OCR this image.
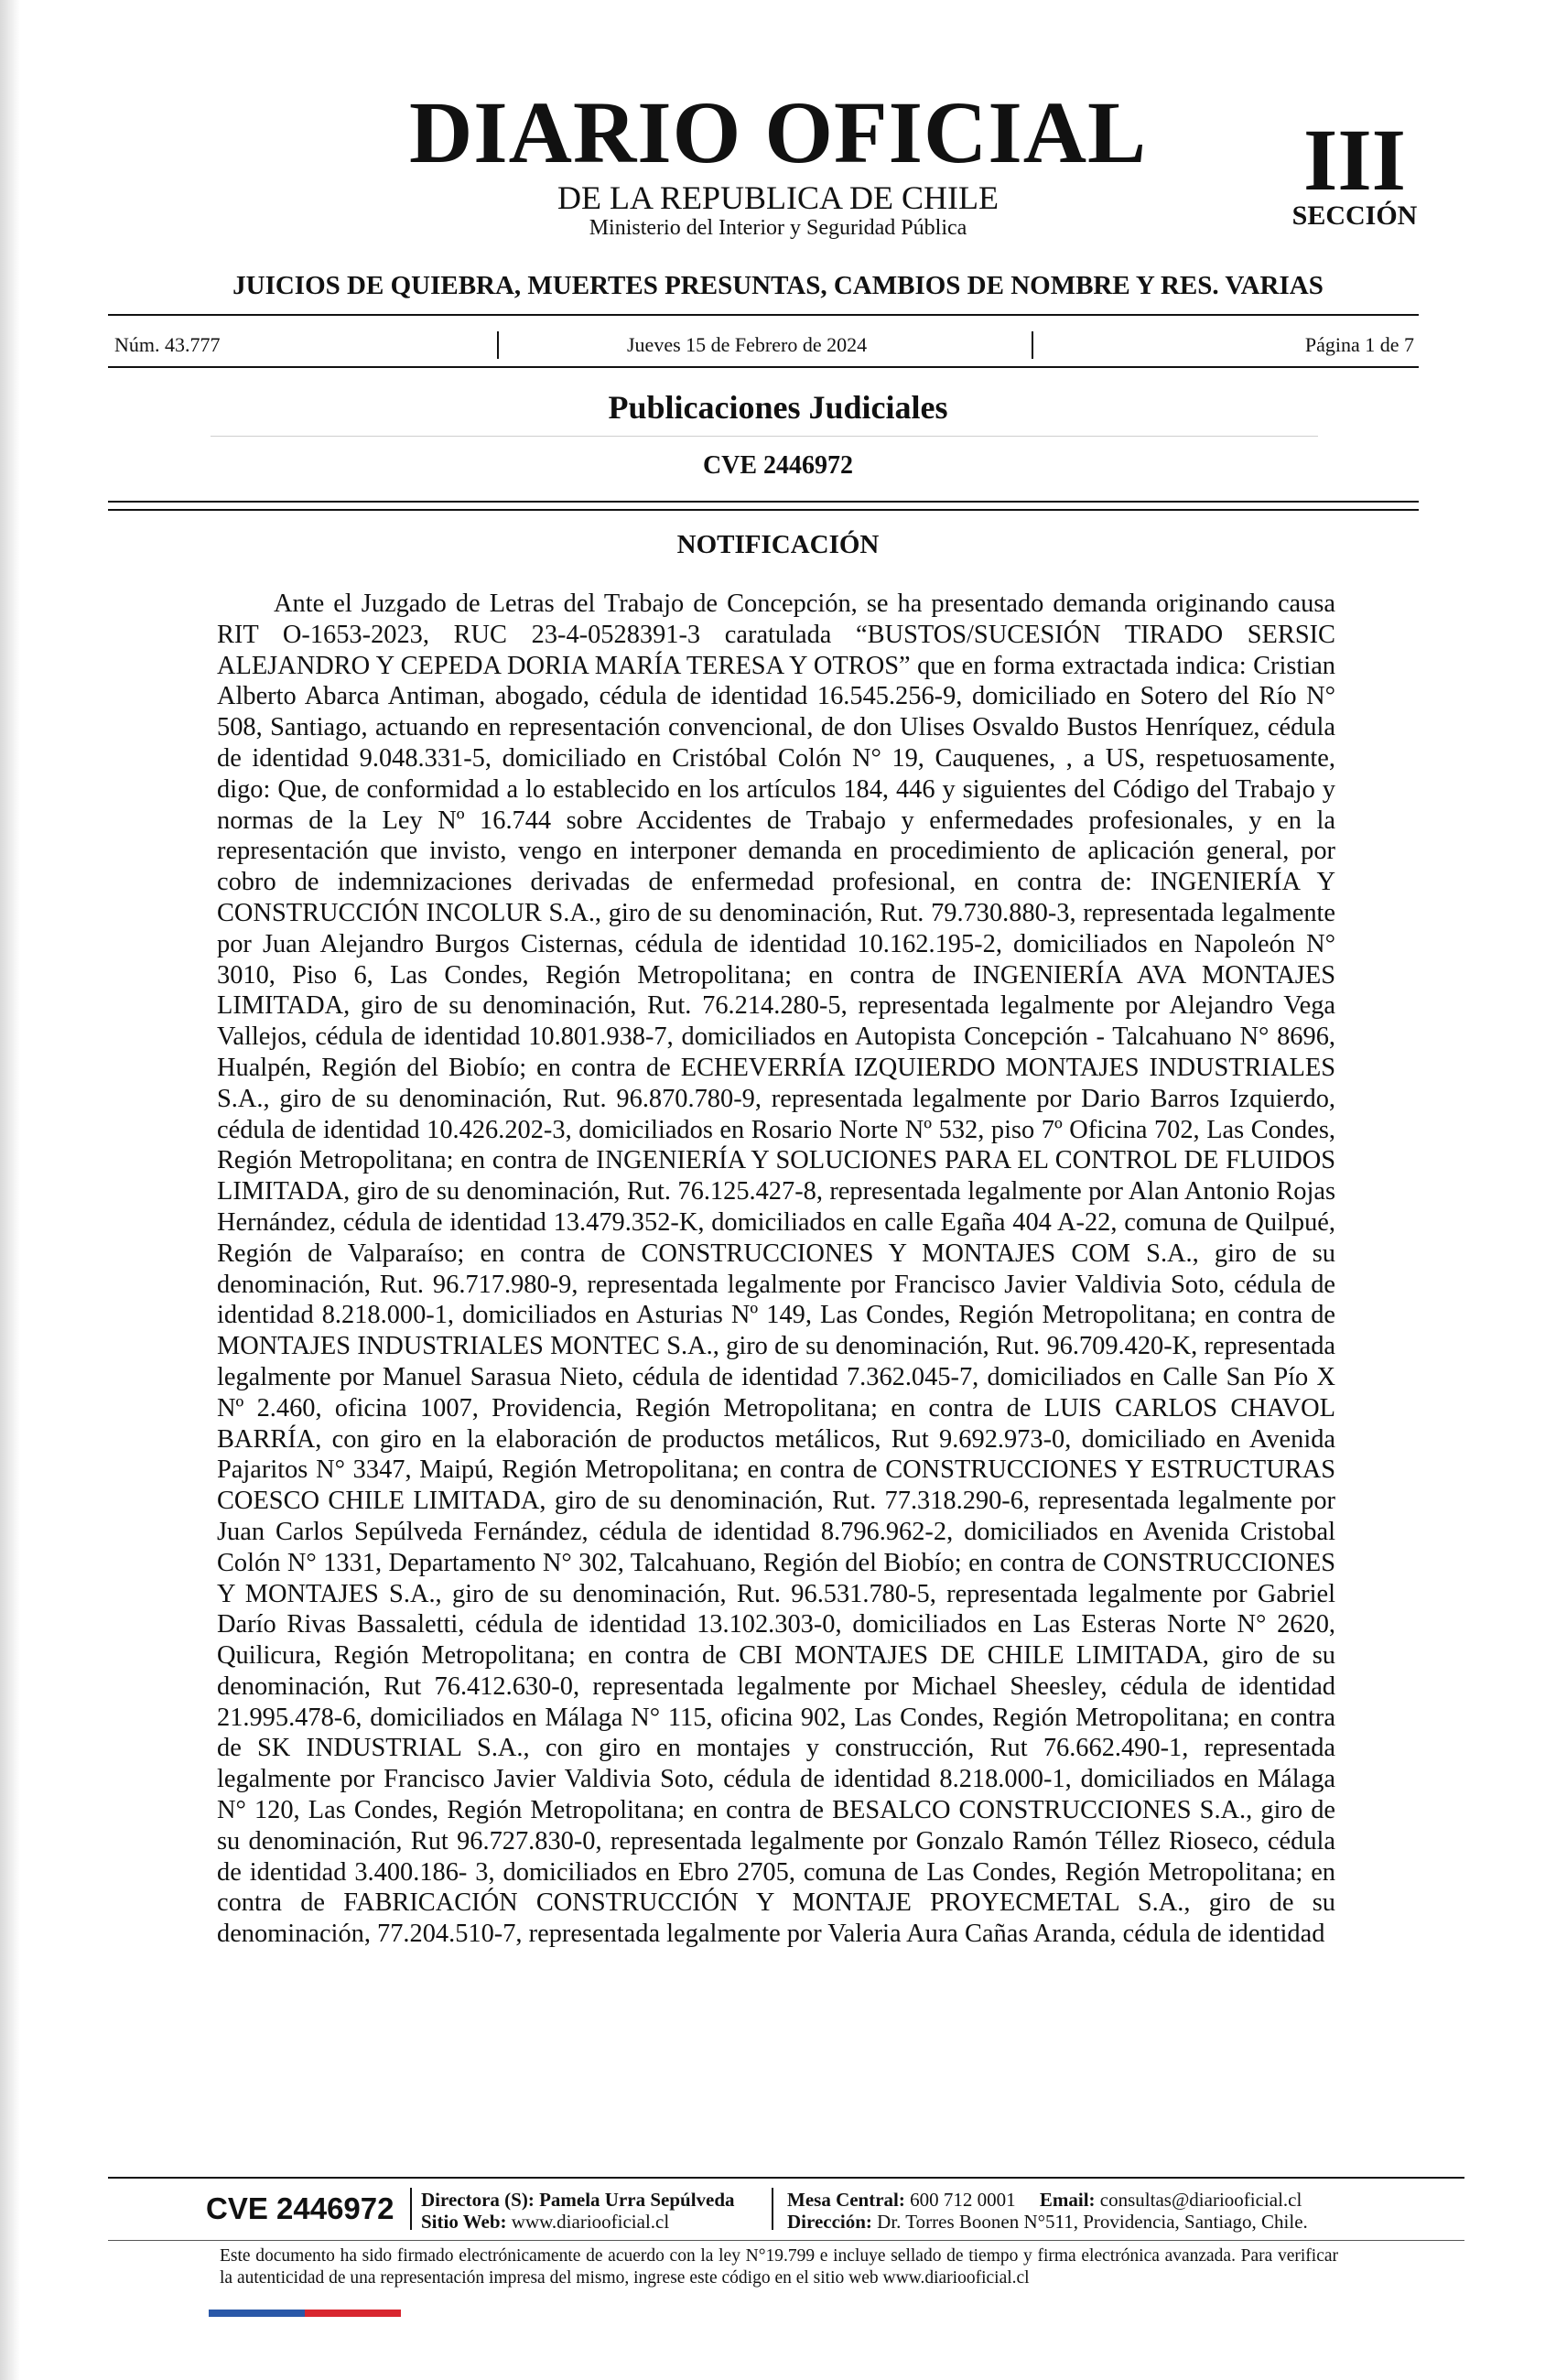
DIARIO OFICIAL
DE LA REPUBLICA DE CHILE
Ministerio del Interior y Seguridad Pública
III
SECCIÓN
JUICIOS DE QUIEBRA, MUERTES PRESUNTAS, CAMBIOS DE NOMBRE Y RES. VARIAS
Núm. 43.777	Jueves 15 de Febrero de 2024	Página 1 de 7
Publicaciones Judiciales
CVE 2446972
NOTIFICACIÓN

Ante el Juzgado de Letras del Trabajo de Concepción, se ha presentado demanda originando causa RIT O-1653-2023, RUC 23-4-0528391-3 caratulada “BUSTOS/SUCESIÓN TIRADO SERSIC ALEJANDRO Y CEPEDA DORIA MARÍA TERESA Y OTROS” que en forma extractada indica: Cristian Alberto Abarca Antiman, abogado, cédula de identidad 16.545.256-9, domiciliado en Sotero del Río N° 508, Santiago, actuando en representación convencional, de don Ulises Osvaldo Bustos Henríquez, cédula de identidad 9.048.331-5, domiciliado en Cristóbal Colón N° 19, Cauquenes, , a US, respetuosamente, digo: Que, de conformidad a lo establecido en los artículos 184, 446 y siguientes del Código del Trabajo y normas de la Ley Nº 16.744 sobre Accidentes de Trabajo y enfermedades profesionales, y en la representación que invisto, vengo en interponer demanda en procedimiento de aplicación general, por cobro de indemnizaciones derivadas de enfermedad profesional, en contra de: INGENIERÍA Y CONSTRUCCIÓN INCOLUR S.A., giro de su denominación, Rut. 79.730.880-3, representada legalmente por Juan Alejandro Burgos Cisternas, cédula de identidad 10.162.195-2, domiciliados en Napoleón N° 3010, Piso 6, Las Condes, Región Metropolitana; en contra de INGENIERÍA AVA MONTAJES LIMITADA, giro de su denominación, Rut. 76.214.280-5, representada legalmente por Alejandro Vega Vallejos, cédula de identidad 10.801.938-7, domiciliados en Autopista Concepción - Talcahuano N° 8696, Hualpén, Región del Biobío; en contra de ECHEVERRÍA IZQUIERDO MONTAJES INDUSTRIALES S.A., giro de su denominación, Rut. 96.870.780-9, representada legalmente por Dario Barros Izquierdo, cédula de identidad 10.426.202-3, domiciliados en Rosario Norte Nº 532, piso 7º Oficina 702, Las Condes, Región Metropolitana; en contra de INGENIERÍA Y SOLUCIONES PARA EL CONTROL DE FLUIDOS LIMITADA, giro de su denominación, Rut. 76.125.427-8, representada legalmente por Alan Antonio Rojas Hernández, cédula de identidad 13.479.352-K, domiciliados en calle Egaña 404 A-22, comuna de Quilpué, Región de Valparaíso; en contra de CONSTRUCCIONES Y MONTAJES COM S.A., giro de su denominación, Rut. 96.717.980-9, representada legalmente por Francisco Javier Valdivia Soto, cédula de identidad 8.218.000-1, domiciliados en Asturias Nº 149, Las Condes, Región Metropolitana; en contra de MONTAJES INDUSTRIALES MONTEC S.A., giro de su denominación, Rut. 96.709.420-K, representada legalmente por Manuel Sarasua Nieto, cédula de identidad 7.362.045-7, domiciliados en Calle San Pío X Nº 2.460, oficina 1007, Providencia, Región Metropolitana; en contra de LUIS CARLOS CHAVOL BARRÍA, con giro en la elaboración de productos metálicos, Rut 9.692.973-0, domiciliado en Avenida Pajaritos N° 3347, Maipú, Región Metropolitana; en contra de CONSTRUCCIONES Y ESTRUCTURAS COESCO CHILE LIMITADA, giro de su denominación, Rut. 77.318.290-6, representada legalmente por Juan Carlos Sepúlveda Fernández, cédula de identidad 8.796.962-2, domiciliados en Avenida Cristobal Colón N° 1331, Departamento N° 302, Talcahuano, Región del Biobío; en contra de CONSTRUCCIONES Y MONTAJES S.A., giro de su denominación, Rut. 96.531.780-5, representada legalmente por Gabriel Darío Rivas Bassaletti, cédula de identidad 13.102.303-0, domiciliados en Las Esteras Norte N° 2620, Quilicura, Región Metropolitana; en contra de CBI MONTAJES DE CHILE LIMITADA, giro de su denominación, Rut 76.412.630-0, representada legalmente por Michael Sheesley, cédula de identidad 21.995.478-6, domiciliados en Málaga N° 115, oficina 902, Las Condes, Región Metropolitana; en contra de SK INDUSTRIAL S.A., con giro en montajes y construcción, Rut 76.662.490-1, representada legalmente por Francisco Javier Valdivia Soto, cédula de identidad 8.218.000-1, domiciliados en Málaga N° 120, Las Condes, Región Metropolitana; en contra de BESALCO CONSTRUCCIONES S.A., giro de su denominación, Rut 96.727.830-0, representada legalmente por Gonzalo Ramón Téllez Rioseco, cédula de identidad 3.400.186- 3, domiciliados en Ebro 2705, comuna de Las Condes, Región Metropolitana; en contra de FABRICACIÓN CONSTRUCCIÓN Y MONTAJE PROYECMETAL S.A., giro de su denominación, 77.204.510-7, representada legalmente por Valeria Aura Cañas Aranda, cédula de identidad

CVE 2446972 Directora (S): Pamela Urra Sepúlveda
Sitio Web: www.diariooficial.cl
Mesa Central: 600 712 0001 Email: consultas@diariooficial.cl
Dirección: Dr. Torres Boonen N°511, Providencia, Santiago, Chile.

Este documento ha sido firmado electrónicamente de acuerdo con la ley N°19.799 e incluye sellado de tiempo y firma electrónica avanzada. Para verificar la autenticidad de una representación impresa del mismo, ingrese este código en el sitio web www.diariooficial.cl
